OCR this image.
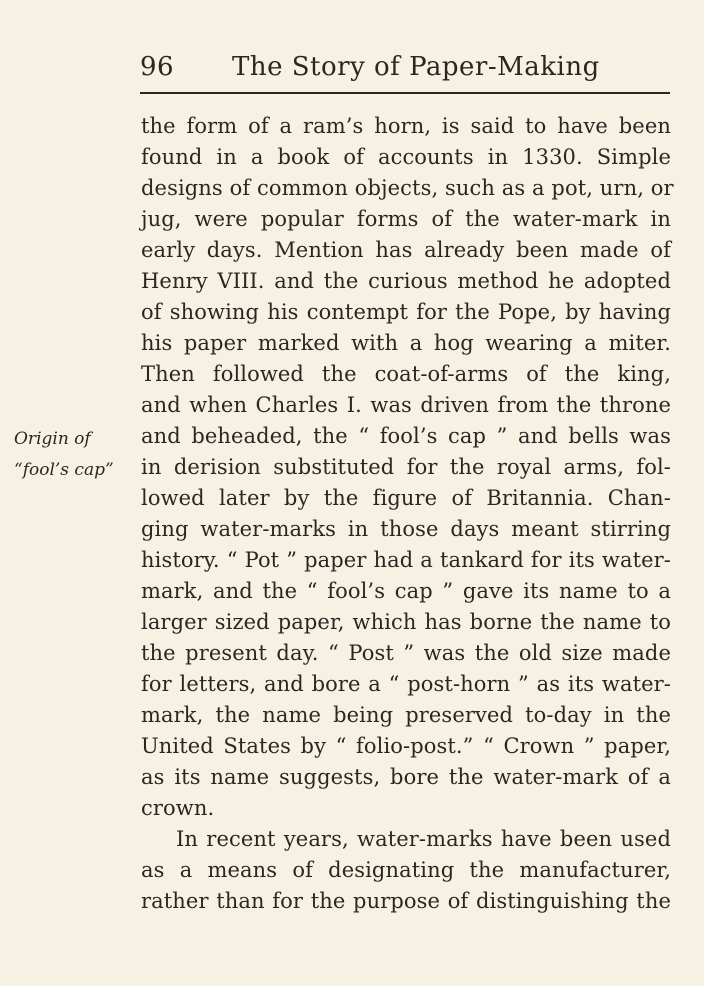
96 The Story of Paper-Making
Origin of
“fool’s cap”
the form of a ram’s horn, is said to have been
found in a book of accounts in 1330. Simple
designs of common objects, such as a pot, urn, or
jug, were popular forms of the water-mark in
early days. Mention has already been made of
Henry VIII. and the curious method he adopted
of showing his contempt for the Pope, by having
his paper marked with a hog wearing a miter.
Then followed the coat-of-arms of the king,
and when Charles I. was driven from the throne
and beheaded, the “ fool’s cap ” and bells was
in derision substituted for the royal arms, fol-
lowed later by the figure of Britannia. Chan-
ging water-marks in those days meant stirring
history. “ Pot ” paper had a tankard for its water-
mark, and the “ fool’s cap ” gave its name to a
larger sized paper, which has borne the name to
the present day. “ Post ” was the old size made
for letters, and bore a “ post-horn ” as its water-
mark, the name being preserved to-day in the
United States by “ folio-post.” “ Crown ” paper,
as its name suggests, bore the water-mark of a
crown.
In recent years, water-marks have been used
as a means of designating the manufacturer,
rather than for the purpose of distinguishing the
